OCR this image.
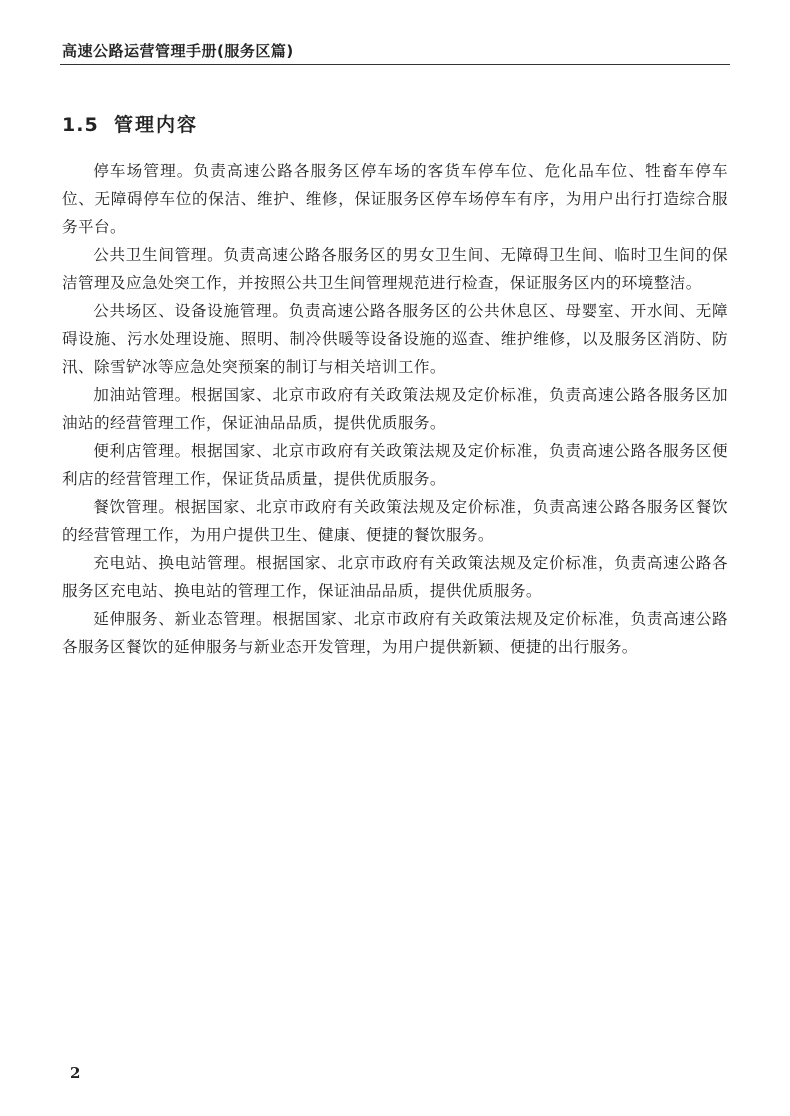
高速公路运营管理手册(服务区篇)
1.5 管理内容

停车场管理。负责高速公路各服务区停车场的客货车停车位、危化品车位、牲畜车停车位、无障碍停车位的保洁、维护、维修，保证服务区停车场停车有序，为用户出行打造综合服务平台。

公共卫生间管理。负责高速公路各服务区的男女卫生间、无障碍卫生间、临时卫生间的保洁管理及应急处突工作，并按照公共卫生间管理规范进行检查，保证服务区内的环境整洁。

公共场区、设备设施管理。负责高速公路各服务区的公共休息区、母婴室、开水间、无障碍设施、污水处理设施、照明、制冷供暖等设备设施的巡查、维护维修，以及服务区消防、防汛、除雪铲冰等应急处突预案的制订与相关培训工作。

加油站管理。根据国家、北京市政府有关政策法规及定价标准，负责高速公路各服务区加油站的经营管理工作，保证油品品质，提供优质服务。

便利店管理。根据国家、北京市政府有关政策法规及定价标准，负责高速公路各服务区便利店的经营管理工作，保证货品质量，提供优质服务。

餐饮管理。根据国家、北京市政府有关政策法规及定价标准，负责高速公路各服务区餐饮的经营管理工作，为用户提供卫生、健康、便捷的餐饮服务。

充电站、换电站管理。根据国家、北京市政府有关政策法规及定价标准，负责高速公路各服务区充电站、换电站的管理工作，保证油品品质，提供优质服务。

延伸服务、新业态管理。根据国家、北京市政府有关政策法规及定价标准，负责高速公路各服务区餐饮的延伸服务与新业态开发管理，为用户提供新颖、便捷的出行服务。

2
